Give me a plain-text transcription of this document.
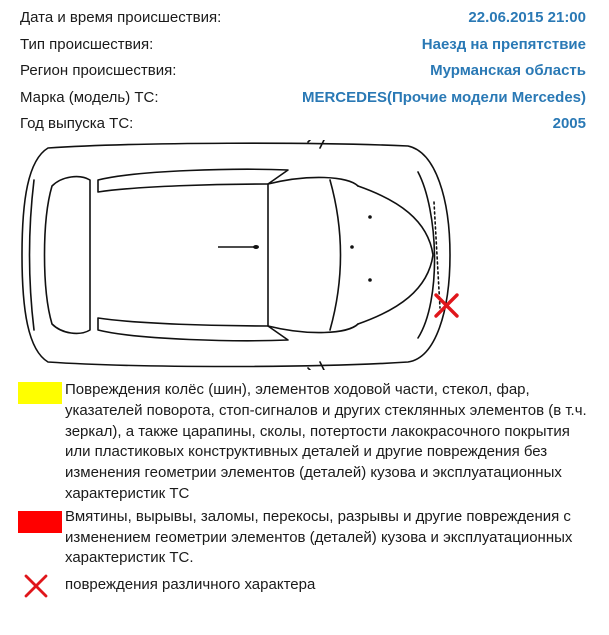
Дата и время происшествия:	22.06.2015 21:00
Тип происшествия:	Наезд на препятствие
Регион происшествия:	Мурманская область
Марка (модель) ТС:	MERCEDES(Прочие модели Mercedes)
Год выпуска ТС:	2005
Повреждения колёс (шин), элементов ходовой части, стекол, фар, указателей поворота, стоп-сигналов и других стеклянных элементов (в т.ч. зеркал), а также царапины, сколы, потертости лакокрасочного покрытия или пластиковых конструктивных деталей и другие повреждения без изменения геометрии элементов (деталей) кузова и эксплуатационных характеристик ТС
Вмятины, вырывы, заломы, перекосы, разрывы и другие повреждения с изменением геометрии элементов (деталей) кузова и эксплуатационных характеристик ТС.
повреждения различного характера
